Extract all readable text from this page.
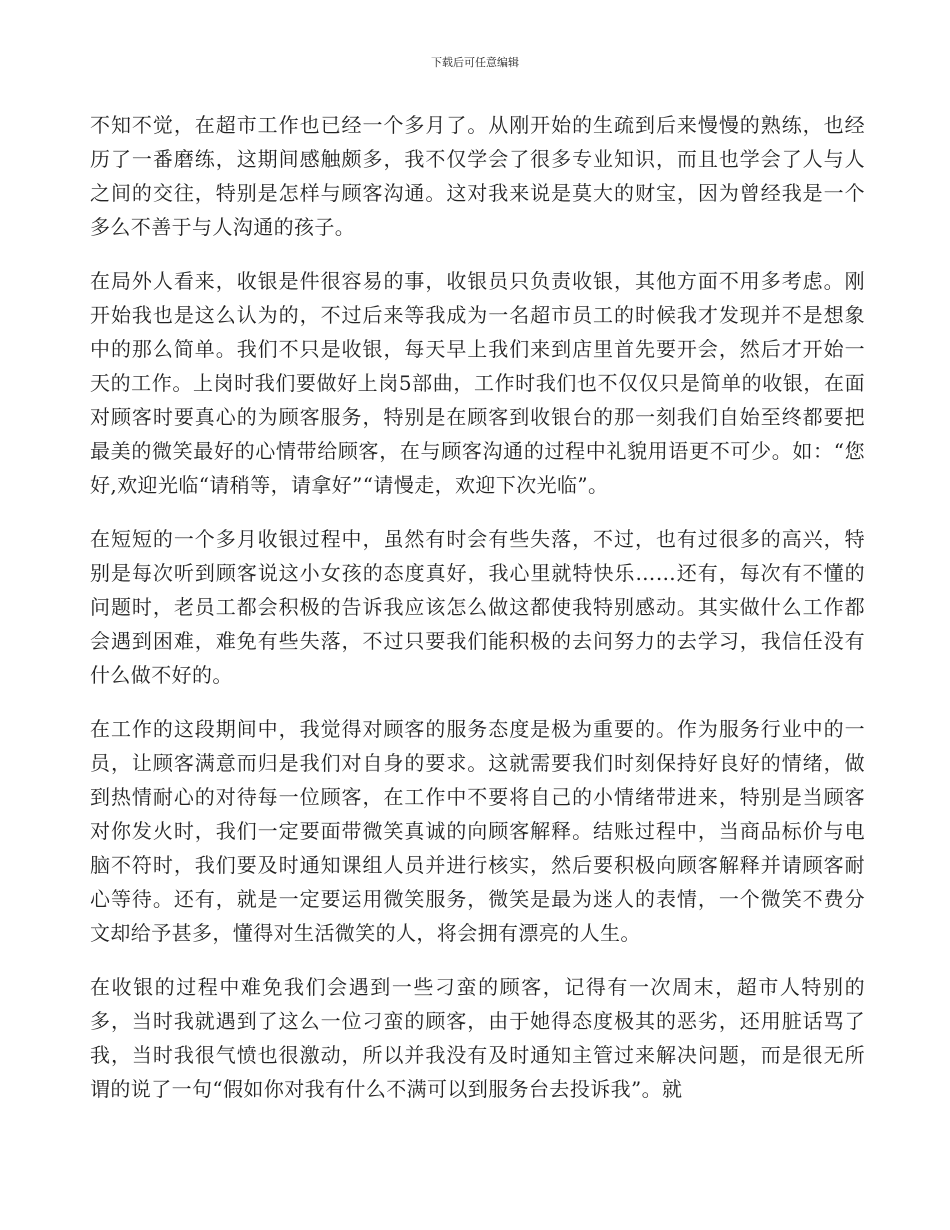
下载后可任意编辑

不知不觉，在超市工作也已经一个多月了。从刚开始的生疏到后来慢慢的熟练，也经历了一番磨练，这期间感触颇多，我不仅学会了很多专业知识，而且也学会了人与人之间的交往，特别是怎样与顾客沟通。这对我来说是莫大的财宝，因为曾经我是一个多么不善于与人沟通的孩子。

在局外人看来，收银是件很容易的事，收银员只负责收银，其他方面不用多考虑。刚开始我也是这么认为的，不过后来等我成为一名超市员工的时候我才发现并不是想象中的那么简单。我们不只是收银，每天早上我们来到店里首先要开会，然后才开始一天的工作。上岗时我们要做好上岗5部曲，工作时我们也不仅仅只是简单的收银，在面对顾客时要真心的为顾客服务，特别是在顾客到收银台的那一刻我们自始至终都要把最美的微笑最好的心情带给顾客，在与顾客沟通的过程中礼貌用语更不可少。如：“您好,欢迎光临“请稍等，请拿好”“请慢走，欢迎下次光临”。

在短短的一个多月收银过程中，虽然有时会有些失落，不过，也有过很多的高兴，特别是每次听到顾客说这小女孩的态度真好，我心里就特快乐……还有，每次有不懂的问题时，老员工都会积极的告诉我应该怎么做这都使我特别感动。其实做什么工作都会遇到困难，难免有些失落，不过只要我们能积极的去问努力的去学习，我信任没有什么做不好的。

在工作的这段期间中，我觉得对顾客的服务态度是极为重要的。作为服务行业中的一员，让顾客满意而归是我们对自身的要求。这就需要我们时刻保持好良好的情绪，做到热情耐心的对待每一位顾客，在工作中不要将自己的小情绪带进来，特别是当顾客对你发火时，我们一定要面带微笑真诚的向顾客解释。结账过程中，当商品标价与电脑不符时，我们要及时通知课组人员并进行核实，然后要积极向顾客解释并请顾客耐心等待。还有，就是一定要运用微笑服务，微笑是最为迷人的表情，一个微笑不费分文却给予甚多，懂得对生活微笑的人，将会拥有漂亮的人生。

在收银的过程中难免我们会遇到一些刁蛮的顾客，记得有一次周末，超市人特别的多，当时我就遇到了这么一位刁蛮的顾客，由于她得态度极其的恶劣，还用脏话骂了我，当时我很气愤也很激动，所以并我没有及时通知主管过来解决问题，而是很无所谓的说了一句“假如你对我有什么不满可以到服务台去投诉我”。就
